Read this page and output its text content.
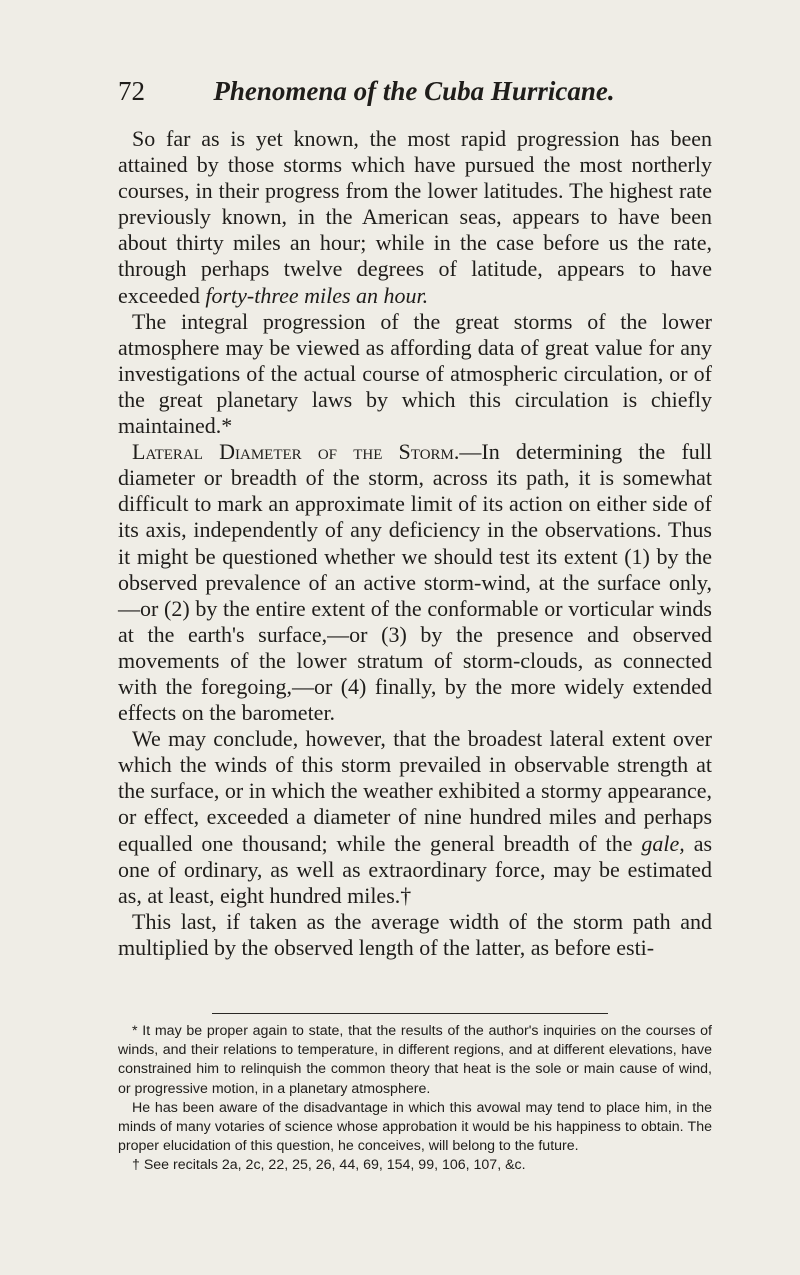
72	Phenomena of the Cuba Hurricane.

So far as is yet known, the most rapid progression has been attained by those storms which have pursued the most northerly courses, in their progress from the lower latitudes. The highest rate previously known, in the American seas, appears to have been about thirty miles an hour; while in the case before us the rate, through perhaps twelve degrees of latitude, appears to have exceeded forty-three miles an hour.

The integral progression of the great storms of the lower atmosphere may be viewed as affording data of great value for any investigations of the actual course of atmospheric circulation, or of the great planetary laws by which this circulation is chiefly maintained.*

Lateral Diameter of the Storm.—In determining the full diameter or breadth of the storm, across its path, it is somewhat difficult to mark an approximate limit of its action on either side of its axis, independently of any deficiency in the observations. Thus it might be questioned whether we should test its extent (1) by the observed prevalence of an active storm-wind, at the surface only,—or (2) by the entire extent of the conformable or vorticular winds at the earth's surface,—or (3) by the presence and observed movements of the lower stratum of storm-clouds, as connected with the foregoing,—or (4) finally, by the more widely extended effects on the barometer.

We may conclude, however, that the broadest lateral extent over which the winds of this storm prevailed in observable strength at the surface, or in which the weather exhibited a stormy appearance, or effect, exceeded a diameter of nine hundred miles and perhaps equalled one thousand; while the general breadth of the gale, as one of ordinary, as well as extraordinary force, may be estimated as, at least, eight hundred miles.†

This last, if taken as the average width of the storm path and multiplied by the observed length of the latter, as before esti-

* It may be proper again to state, that the results of the author's inquiries on the courses of winds, and their relations to temperature, in different regions, and at different elevations, have constrained him to relinquish the common theory that heat is the sole or main cause of wind, or progressive motion, in a planetary atmosphere.

He has been aware of the disadvantage in which this avowal may tend to place him, in the minds of many votaries of science whose approbation it would be his happiness to obtain. The proper elucidation of this question, he conceives, will belong to the future.

† See recitals 2a, 2c, 22, 25, 26, 44, 69, 154, 99, 106, 107, &c.
